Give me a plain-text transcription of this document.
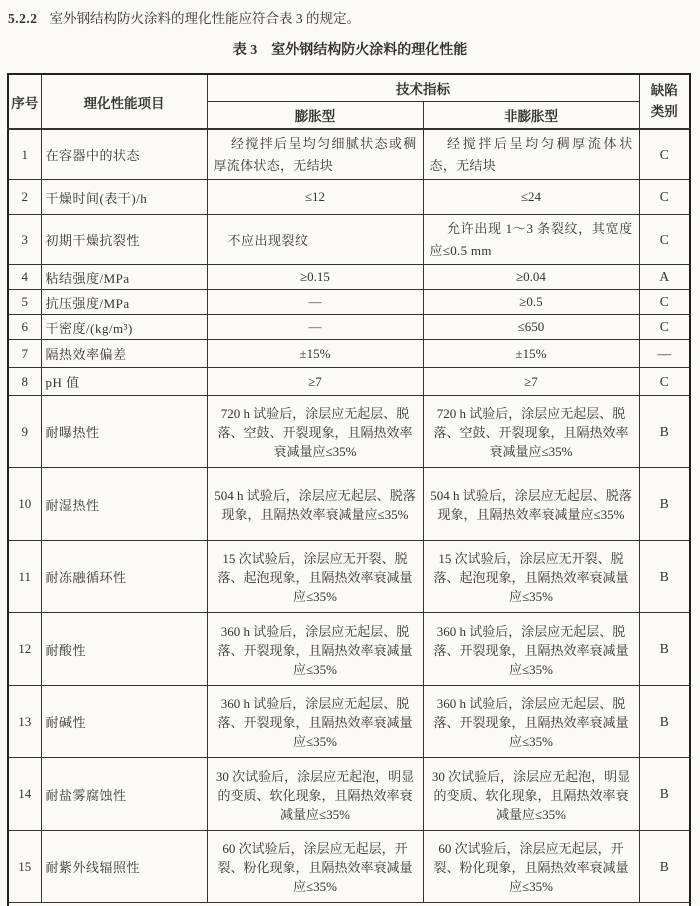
5.2.2 室外钢结构防火涂料的理化性能应符合表 3 的规定。
表 3 室外钢结构防火涂料的理化性能
序号	理化性能项目	技术指标		缺陷类别

		膨胀型	非膨胀型	
1	在容器中的状态	经搅拌后呈均匀细腻状态或稠厚流体状态，无结块	经搅拌后呈均匀稠厚流体状态，无结块	C
2	干燥时间(表干)/h	≤12	≤24	C
3	初期干燥抗裂性	不应出现裂纹	允许出现 1～3 条裂纹，其宽度应≤0.5 mm	C
4	粘结强度/MPa	≥0.15	≥0.04	A
5	抗压强度/MPa	—	≥0.5	C
6	干密度/(kg/m³)	—	≤650	C
7	隔热效率偏差	±15%	±15%	—
8	pH 值	≥7	≥7	C
9	耐曝热性	720 h 试验后，涂层应无起层、脱落、空鼓、开裂现象，且隔热效率衰减量应≤35%	720 h 试验后，涂层应无起层、脱落、空鼓、开裂现象，且隔热效率衰减量应≤35%	B
10	耐湿热性	504 h 试验后，涂层应无起层、脱落现象，且隔热效率衰减量应≤35%	504 h 试验后，涂层应无起层、脱落现象，且隔热效率衰减量应≤35%	B
11	耐冻融循环性	15 次试验后，涂层应无开裂、脱落、起泡现象，且隔热效率衰减量应≤35%	15 次试验后，涂层应无开裂、脱落、起泡现象，且隔热效率衰减量应≤35%	B
12	耐酸性	360 h 试验后，涂层应无起层、脱落、开裂现象，且隔热效率衰减量应≤35%	360 h 试验后，涂层应无起层、脱落、开裂现象，且隔热效率衰减量应≤35%	B
13	耐碱性	360 h 试验后，涂层应无起层、脱落、开裂现象，且隔热效率衰减量应≤35%	360 h 试验后，涂层应无起层、脱落、开裂现象，且隔热效率衰减量应≤35%	B
14	耐盐雾腐蚀性	30 次试验后，涂层应无起泡，明显的变质、软化现象，且隔热效率衰减量应≤35%	30 次试验后，涂层应无起泡，明显的变质、软化现象，且隔热效率衰减量应≤35%	B
15	耐紫外线辐照性	60 次试验后，涂层应无起层，开裂、粉化现象，且隔热效率衰减量应≤35%	60 次试验后，涂层应无起层，开裂、粉化现象，且隔热效率衰减量应≤35%	B
